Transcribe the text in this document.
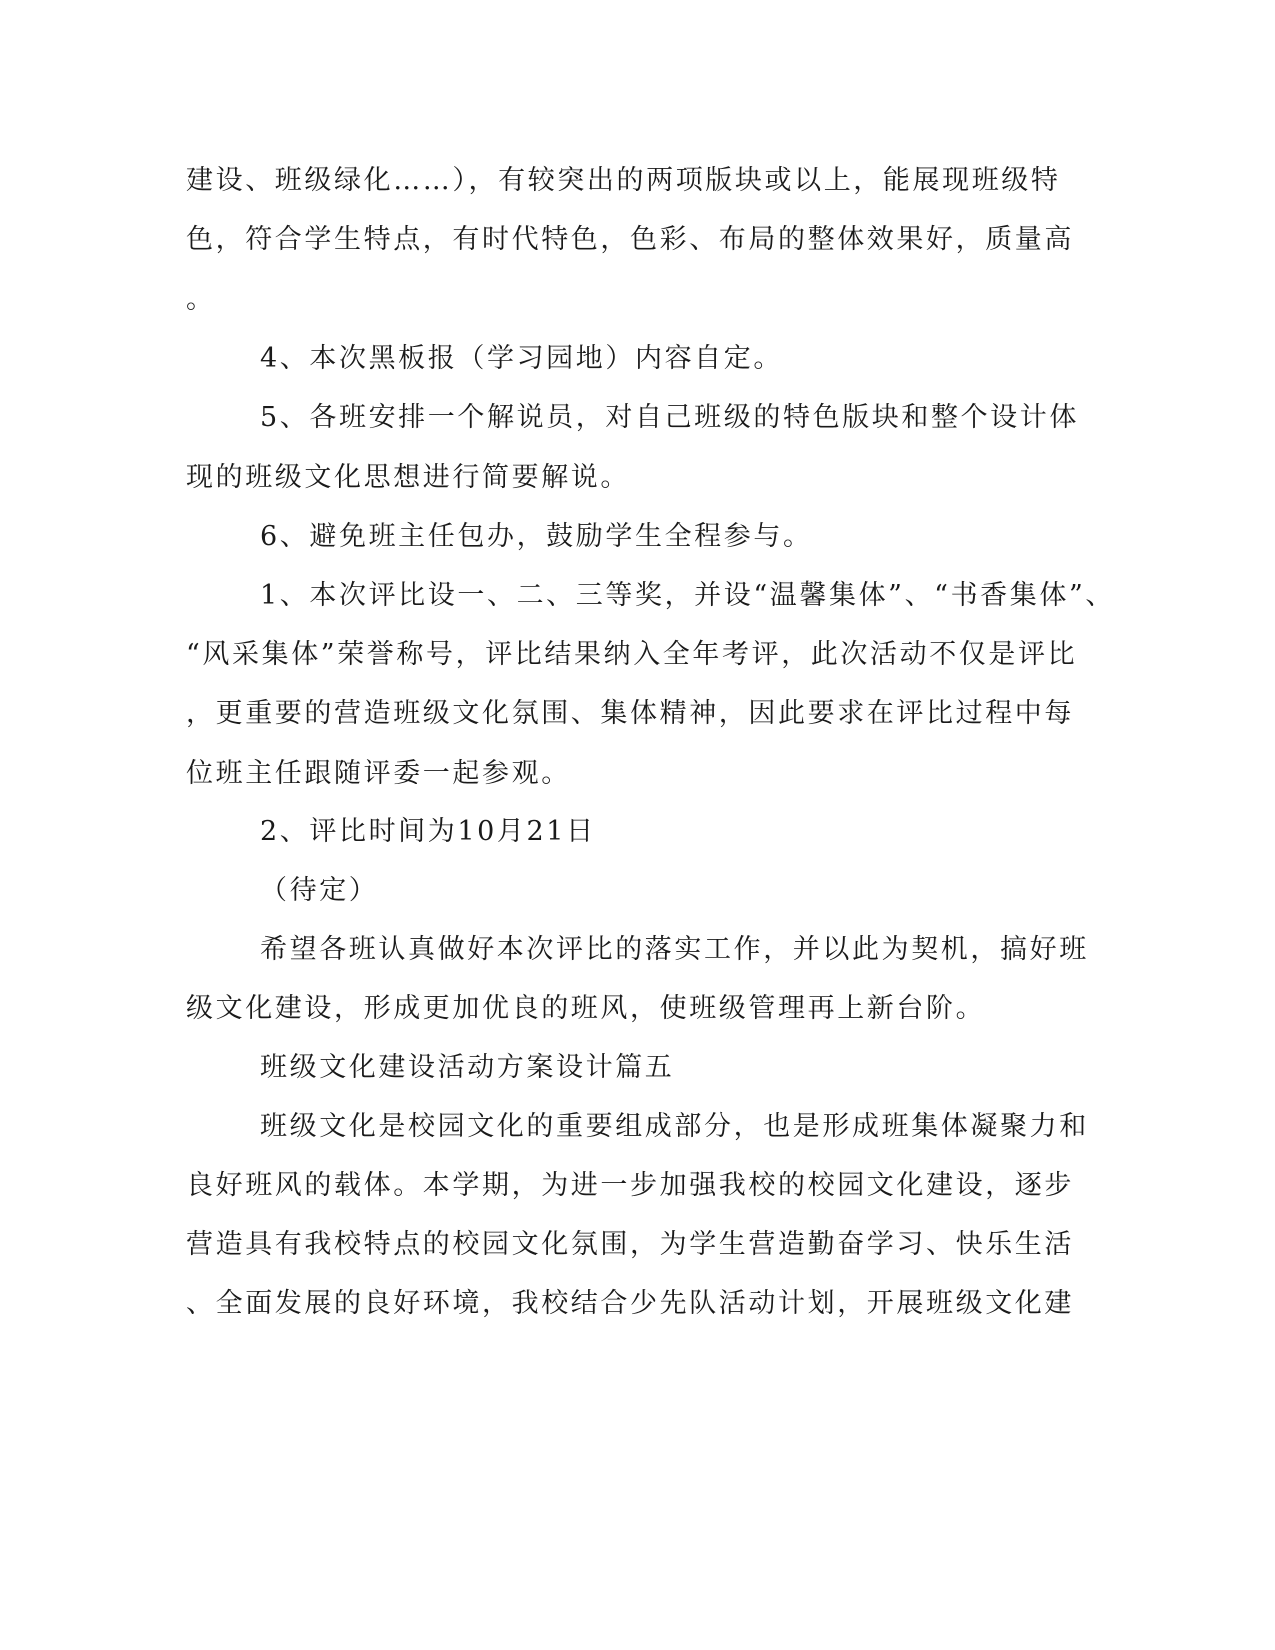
建设、班级绿化……），有较突出的两项版块或以上，能展现班级特

色，符合学生特点，有时代特色，色彩、布局的整体效果好，质量高

。

4、本次黑板报（学习园地）内容自定。

5、各班安排一个解说员，对自己班级的特色版块和整个设计体

现的班级文化思想进行简要解说。

6、避免班主任包办，鼓励学生全程参与。

1、本次评比设一、二、三等奖，并设“温馨集体”、“书香集体”、

“风采集体”荣誉称号，评比结果纳入全年考评，此次活动不仅是评比

，更重要的营造班级文化氛围、集体精神，因此要求在评比过程中每

位班主任跟随评委一起参观。

2、评比时间为10月21日

（待定）

希望各班认真做好本次评比的落实工作，并以此为契机，搞好班

级文化建设，形成更加优良的班风，使班级管理再上新台阶。

班级文化建设活动方案设计篇五

班级文化是校园文化的重要组成部分，也是形成班集体凝聚力和

良好班风的载体。本学期，为进一步加强我校的校园文化建设，逐步

营造具有我校特点的校园文化氛围，为学生营造勤奋学习、快乐生活

、全面发展的良好环境，我校结合少先队活动计划，开展班级文化建
